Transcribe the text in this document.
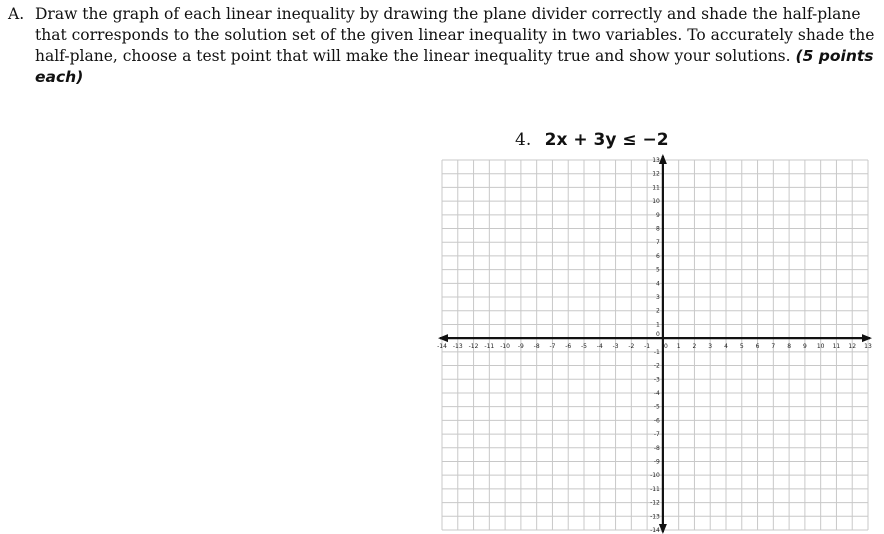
A. Draw the graph of each linear inequality by drawing the plane divider correctly and shade the half-plane that corresponds to the solution set of the given linear inequality in two variables. To accurately shade the half-plane, choose a test point that will make the linear inequality true and show your solutions. (5 points each)
4. 2x + 3y ≤ −2
-14 -13 -12 -11 -10 -9 -8 -7 -6 -5 -4 -3 -2 -1 0 1 2 3 4 5 6 7 8 9 10 11 12 13
13
12
11
10
9
8
7
6
5
4
3
2
1
-1
-2
-3
-4
-5
-6
-7
-8
-9
-10
-11
-12
-13
-14
0
